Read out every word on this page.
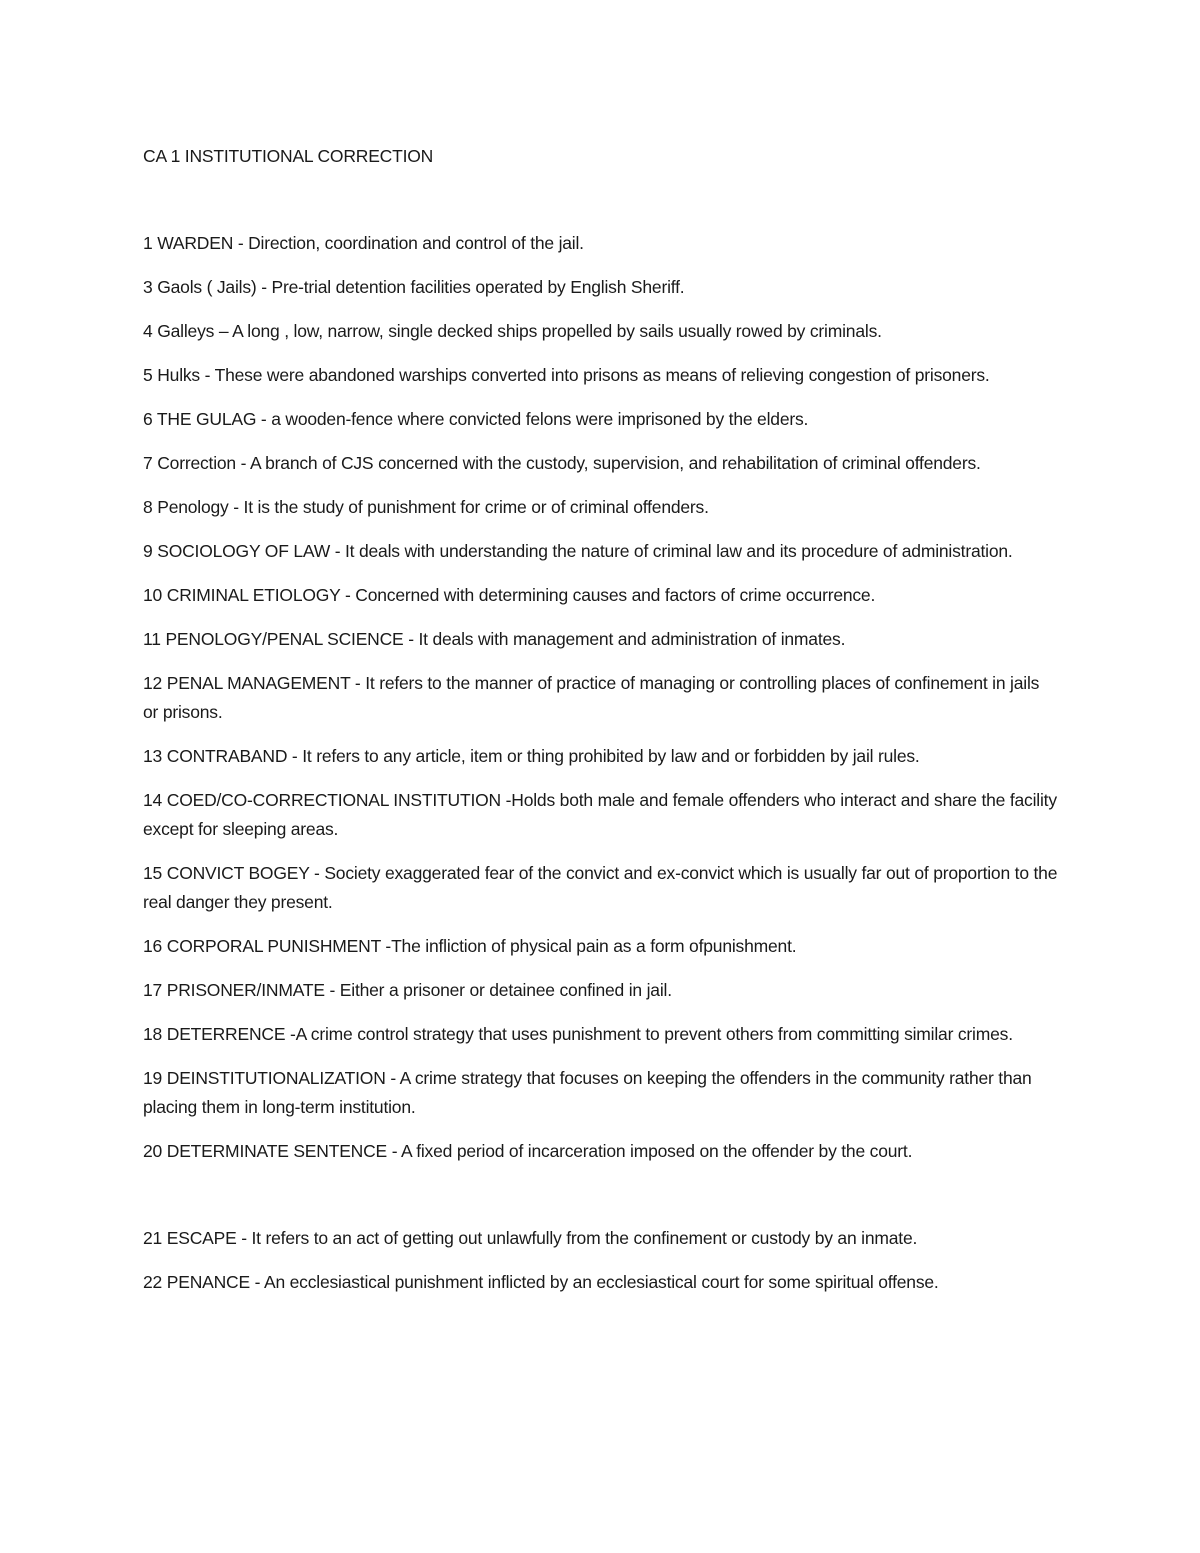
CA 1 INSTITUTIONAL CORRECTION
1 WARDEN - Direction, coordination and control of the jail.
3 Gaols ( Jails) - Pre-trial detention facilities operated by English Sheriff.
4 Galleys – A long , low, narrow, single decked ships propelled by sails usually rowed by criminals.
5 Hulks - These were abandoned warships converted into prisons as means of relieving congestion of prisoners.
6 THE GULAG - a wooden-fence where convicted felons were imprisoned by the elders.
7 Correction - A branch of CJS concerned with the custody, supervision, and rehabilitation of criminal offenders.
8 Penology - It is the study of punishment for crime or of criminal offenders.
9 SOCIOLOGY OF LAW - It deals with understanding the nature of criminal law and its procedure of administration.
10 CRIMINAL ETIOLOGY - Concerned with determining causes and factors of crime occurrence.
11 PENOLOGY/PENAL SCIENCE - It deals with management and administration of inmates.
12 PENAL MANAGEMENT - It refers to the manner of practice of managing or controlling places of confinement in jails or prisons.
13 CONTRABAND - It refers to any article, item or thing prohibited by law and or forbidden by jail rules.
14 COED/CO-CORRECTIONAL INSTITUTION -Holds both male and female offenders who interact and share the facility except for sleeping areas.
15 CONVICT BOGEY - Society exaggerated fear of the convict and ex-convict which is usually far out of proportion to the real danger they present.
16 CORPORAL PUNISHMENT -The infliction of physical pain as a form ofpunishment.
17 PRISONER/INMATE - Either a prisoner or detainee confined in jail.
18 DETERRENCE -A crime control strategy that uses punishment to prevent others from committing similar crimes.
19 DEINSTITUTIONALIZATION - A crime strategy that focuses on keeping the offenders in the community rather than placing them in long-term institution.
20 DETERMINATE SENTENCE - A fixed period of incarceration imposed on the offender by the court.
21 ESCAPE - It refers to an act of getting out unlawfully from the confinement or custody by an inmate.
22 PENANCE - An ecclesiastical punishment inflicted by an ecclesiastical court for some spiritual offense.
